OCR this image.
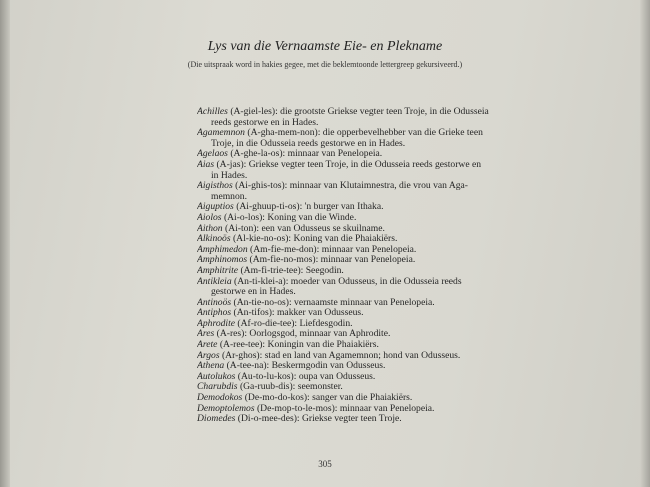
Lys van die Vernaamste Eie- en Plekname
(Die uitspraak word in hakies gegee, met die beklemtoonde lettergreep gekursiveerd.)
Achilles (A-giel-les): die grootste Griekse vegter teen Troje, in die Odusseia
reeds gestorwe en in Hades.
Agamemnon (A-gha-mem-non): die opperbevelhebber van die Grieke teen
Troje, in die Odusseia reeds gestorwe en in Hades.
Agelaos (A-ghe-la-os): minnaar van Penelopeia.
Aias (A-jas): Griekse vegter teen Troje, in die Odusseia reeds gestorwe en
in Hades.
Aigisthos (Ai-ghis-tos): minnaar van Klutaimnestra, die vrou van Aga-
memnon.
Aiguptios (Ai-ghuup-ti-os): 'n burger van Ithaka.
Aiolos (Ai-o-los): Koning van die Winde.
Aithon (Ai-ton): een van Odusseus se skuilname.
Alkinoös (Al-kie-no-os): Koning van die Phaiakiërs.
Amphimedon (Am-fie-me-don): minnaar van Penelopeia.
Amphinomos (Am-fie-no-mos): minnaar van Penelopeia.
Amphitrite (Am-fi-trie-tee): Seegodin.
Antikleia (An-ti-klei-a): moeder van Odusseus, in die Odusseia reeds
gestorwe en in Hades.
Antinoös (An-tie-no-os): vernaamste minnaar van Penelopeia.
Antiphos (An-tifos): makker van Odusseus.
Aphrodite (Af-ro-die-tee): Liefdesgodin.
Ares (A-res): Oorlogsgod, minnaar van Aphrodite.
Arete (A-ree-tee): Koningin van die Phaiakiërs.
Argos (Ar-ghos): stad en land van Agamemnon; hond van Odusseus.
Athena (A-tee-na): Beskermgodin van Odusseus.
Autolukos (Au-to-lu-kos): oupa van Odusseus.
Charubdis (Ga-ruub-dis): seemonster.
Demodokos (De-mo-do-kos): sanger van die Phaiakiërs.
Demoptolemos (De-mop-to-le-mos): minnaar van Penelopeia.
Diomedes (Di-o-mee-des): Griekse vegter teen Troje.
305
